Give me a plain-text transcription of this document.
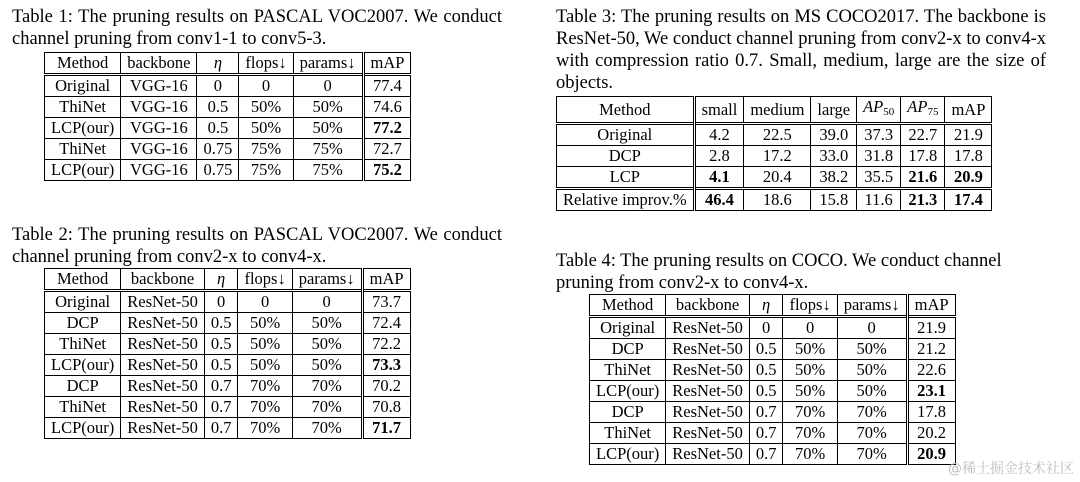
Table 1: The pruning results on PASCAL VOC2007. We conduct channel pruning from conv1-1 to conv5-3.
Method	backbone	η	flops↓	params↓	mAP
Original	VGG-16	0	0	0	77.4
ThiNet	VGG-16	0.5	50%	50%	74.6
LCP(our)	VGG-16	0.5	50%	50%	77.2
ThiNet	VGG-16	0.75	75%	75%	72.7
LCP(our)	VGG-16	0.75	75%	75%	75.2
Table 2: The pruning results on PASCAL VOC2007. We conduct channel pruning from conv2-x to conv4-x.
Method	backbone	η	flops↓	params↓	mAP
Original	ResNet-50	0	0	0	73.7
DCP	ResNet-50	0.5	50%	50%	72.4
ThiNet	ResNet-50	0.5	50%	50%	72.2
LCP(our)	ResNet-50	0.5	50%	50%	73.3
DCP	ResNet-50	0.7	70%	70%	70.2
ThiNet	ResNet-50	0.7	70%	70%	70.8
LCP(our)	ResNet-50	0.7	70%	70%	71.7
Table 3: The pruning results on MS COCO2017. The backbone is ResNet-50, We conduct channel pruning from conv2-x to conv4-x with compression ratio 0.7. Small, medium, large are the size of objects.
Method	small	medium	large	$AP_{50}$	$AP_{75}$	mAP
Original	4.2	22.5	39.0	37.3	22.7	21.9
DCP	2.8	17.2	33.0	31.8	17.8	17.8
LCP	4.1	20.4	38.2	35.5	21.6	20.9
Relative improv.%	46.4	18.6	15.8	11.6	21.3	17.4
Table 4: The pruning results on COCO. We conduct channel pruning from conv2-x to conv4-x.
Method	backbone	η	flops↓	params↓	mAP
Original	ResNet-50	0	0	0	21.9
DCP	ResNet-50	0.5	50%	50%	21.2
ThiNet	ResNet-50	0.5	50%	50%	22.6
LCP(our)	ResNet-50	0.5	50%	50%	23.1
DCP	ResNet-50	0.7	70%	70%	17.8
ThiNet	ResNet-50	0.7	70%	70%	20.2
LCP(our)	ResNet-50	0.7	70%	70%	20.9
@稀土掘金技术社区
